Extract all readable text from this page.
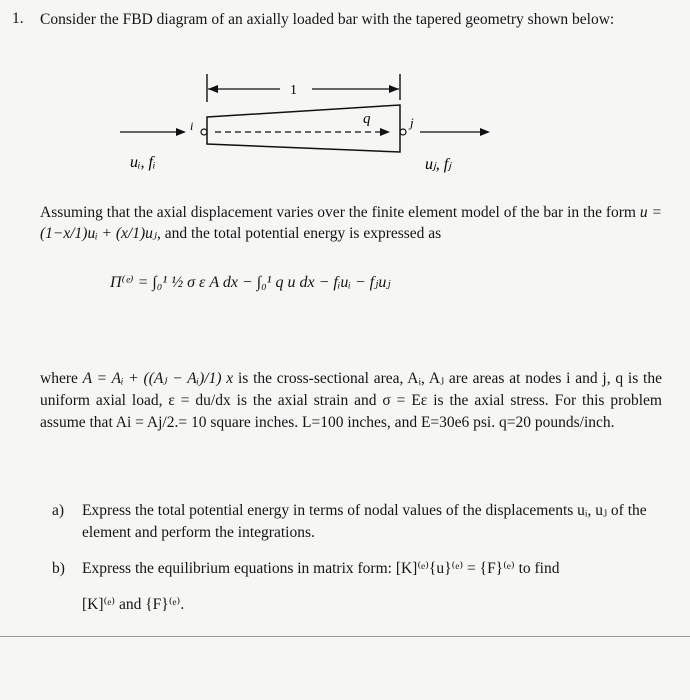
1. Consider the FBD diagram of an axially loaded bar with the tapered geometry shown below:
1
q
i	j
uᵢ, fᵢ	uⱼ, fⱼ
Assuming that the axial displacement varies over the finite element model of the bar in the form u = (1−x/1)uᵢ + (x/1)uⱼ, and the total potential energy is expressed as
Π⁽ᵉ⁾ = ∫₀¹ ½ σ ε A dx − ∫₀¹ q u dx − fᵢuᵢ − fⱼuⱼ
where A = Aᵢ + ((Aⱼ − Aᵢ)/1) x is the cross-sectional area, Aᵢ, Aⱼ are areas at nodes i and j, q is the uniform axial load, ε = du/dx is the axial strain and σ = Eε is the axial stress. For this problem assume that Ai = Aj/2.= 10 square inches. L=100 inches, and E=30e6 psi. q=20 pounds/inch.
a) Express the total potential energy in terms of nodal values of the displacements uᵢ, uⱼ of the element and perform the integrations.
b) Express the equilibrium equations in matrix form: [K]⁽ᵉ⁾{u}⁽ᵉ⁾ = {F}⁽ᵉ⁾ to find
[K]⁽ᵉ⁾ and {F}⁽ᵉ⁾.
